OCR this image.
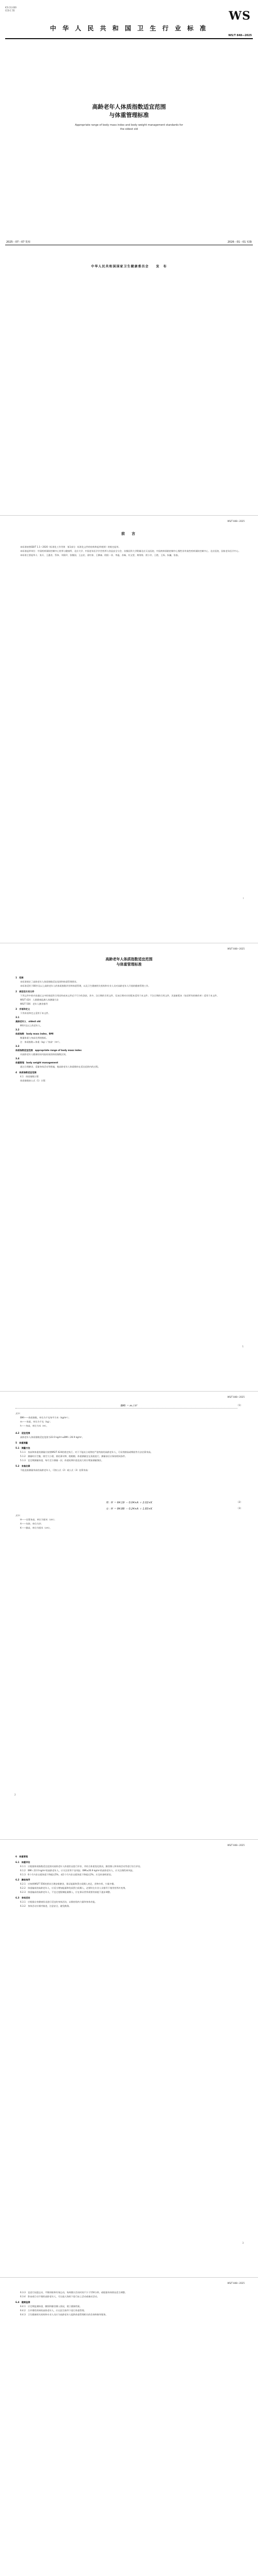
ICS 11.020
CCS C 55	WS
中 华 人 民 共 和 国 卫 生 行 业 标 准
WS/T 848—2025
高龄老年人体质指数适宜范围
与体重管理标准
Appropriate range of body mass index and body weight management standards for
the oldest old
2025－07－07 发布	2026－01－01 实施
中华人民共和国国家卫生健康委员会　　发　布
WS/T 848—2025
前　言

本标准按照GB/T 1.1—2020《标准化工作导则　第1部分：标准化文件的结构和起草规则》的规定起草。

本标准起草单位：中国疾病预防控制中心营养与健康所、北京大学、中国老年医学学会营养与食品安全分会、首都医科大学附属北京天坛医院、中国疾病预防控制中心慢性非传染性疾病预防控制中心、北京医院、国家老年医学中心。

本标准主要起草人：张兵、王惠君、蔡伟、刘爱玲、张继国、王志宏、姜红如、王柳森、欧阳一非、李温、苏畅、杜文雯、黄绯绯、贾小芳、王艳、王烁、朱巍、张伋。

I
WS/T 848—2025
高龄老年人体质指数适宜范围
与体重管理标准

1　范围

本标准规定了高龄老年人体质指数适宜范围和体重管理要求。

本标准适用于80岁及以上高龄老年人的体质指数评价和体重管理，以及卫生健康相关机构和专业人员对高龄老年人开展的健康管理工作。

2　规范性引用文件

下列文件中的内容通过文中的规范性引用而构成本文件必不可少的条款。其中，注日期的引用文件，仅该日期对应的版本适用于本文件；不注日期的引用文件，其最新版本（包括所有的修改单）适用于本文件。

WS/T 424　人群健康监测人体测量方法

WS/T 556　老年人膳食指导

3　术语和定义

下列术语和定义适用于本文件。

3.1

高龄老年人　oldest old

80岁及以上的老年人。

3.2

体质指数　body mass index，BMI

衡量体重与身高比例的指标。

注：体质指数＝体重（kg）/ 身高²（m²）。

3.3

体质指数适宜范围　appropriate range of body mass index

对高龄老年人健康结局风险较低的体质指数区间。

3.4

体重管理　body weight management

通过合理膳食、适量身体活动等措施，使高龄老年人体重维持在适宜范围内的过程。

4　体质指数适宜范围

4.1　体质指数计算

体质指数按公式（1）计算：

1
WS/T 848—2025
BMI ＝ m / h²	（1）

式中：

BMI——体质指数，单位为千克每平方米（kg/m²）；

m——体重，单位为千克（kg）；

h——身高，单位为米（m）。

4.2　适宜范围

高龄老年人体质指数适宜范围为22.0 kg/m²≤BMI＜26.9 kg/m²。

5　体重测量

5.1　测量方法

5.1.1　身高和体重的测量应按照WS/T 424的规定执行。对于不能站立或脊柱严重弯曲的高龄老年人，可采用膝高或臂展等方法估算身高。

5.1.2　测量时应空腹、排空大小便、着轻薄衣物、脱鞋帽。体重测量宜在清晨进行，测量前后应保持相同条件。

5.1.3　宜定期测量体重，每月至少测量一次；体重短期内变化较大时应增加测量频次。

5.2　身高估算

不能直接测量身高的高龄老年人，可按公式（2）或公式（3）估算身高：

男：H ＝ 64.19 － 0.04×A ＋ 2.02×K	（2）
女：H ＝ 84.88 － 0.24×A ＋ 1.83×K	（3）

式中：

H——估算身高，单位为厘米（cm）；

A——年龄，单位为岁；

K——膝高，单位为厘米（cm）。

2
WS/T 848—2025

6　体重管理

6.1　体重评估

6.1.1　应根据体质指数适宜范围对高龄老年人体重状况进行评价，并结合体重变化情况、膳食摄入和身体活动等进行综合评估。

6.1.2　BMI＜22.0 kg/m²的高龄老年人，应关注营养不良风险；BMI≥26.9 kg/m²的高龄老年人，应关注慢性病风险。

6.1.3　6个月内非自愿体重下降超过5%，或1个月内非自愿体重下降超过2%，应及时查明原因。

6.2　膳食指导

6.2.1　应按照WS/T 556的要求合理安排膳食，保证能量和蛋白质摄入充足，食物多样，少量多餐。

6.2.2　体重偏低的高龄老年人，应适当增加能量和优质蛋白质摄入，必要时在专业人员指导下使用营养补充剂。

6.2.3　体重偏高的高龄老年人，不宜过度限制能量摄入，应在保证营养需要的前提下逐步调整。

6.3　身体活动

6.3.1　应根据自身健康状况进行适宜的身体活动，以维持肌肉力量和身体功能。

6.3.2　身体活动应循序渐进，注意安全，避免跌倒。

3
WS/T 848—2025

6.3.3　宜进行抗阻运动、平衡训练和有氧运动，每周累计活动时间不少于150分钟，或根据身体情况适当调整。

6.3.4　卧床或行动不便的高龄老年人，可在他人协助下进行床上活动或被动活动。

6.4　健康监测

6.4.1　应定期监测体重、腰围和膳食摄入情况，建立健康档案。

6.4.2　合并慢性疾病的高龄老年人，应在医生指导下进行体重管理。

6.4.3　卫生健康相关机构和专业人员应为高龄老年人提供体重管理相关的咨询和指导服务。
